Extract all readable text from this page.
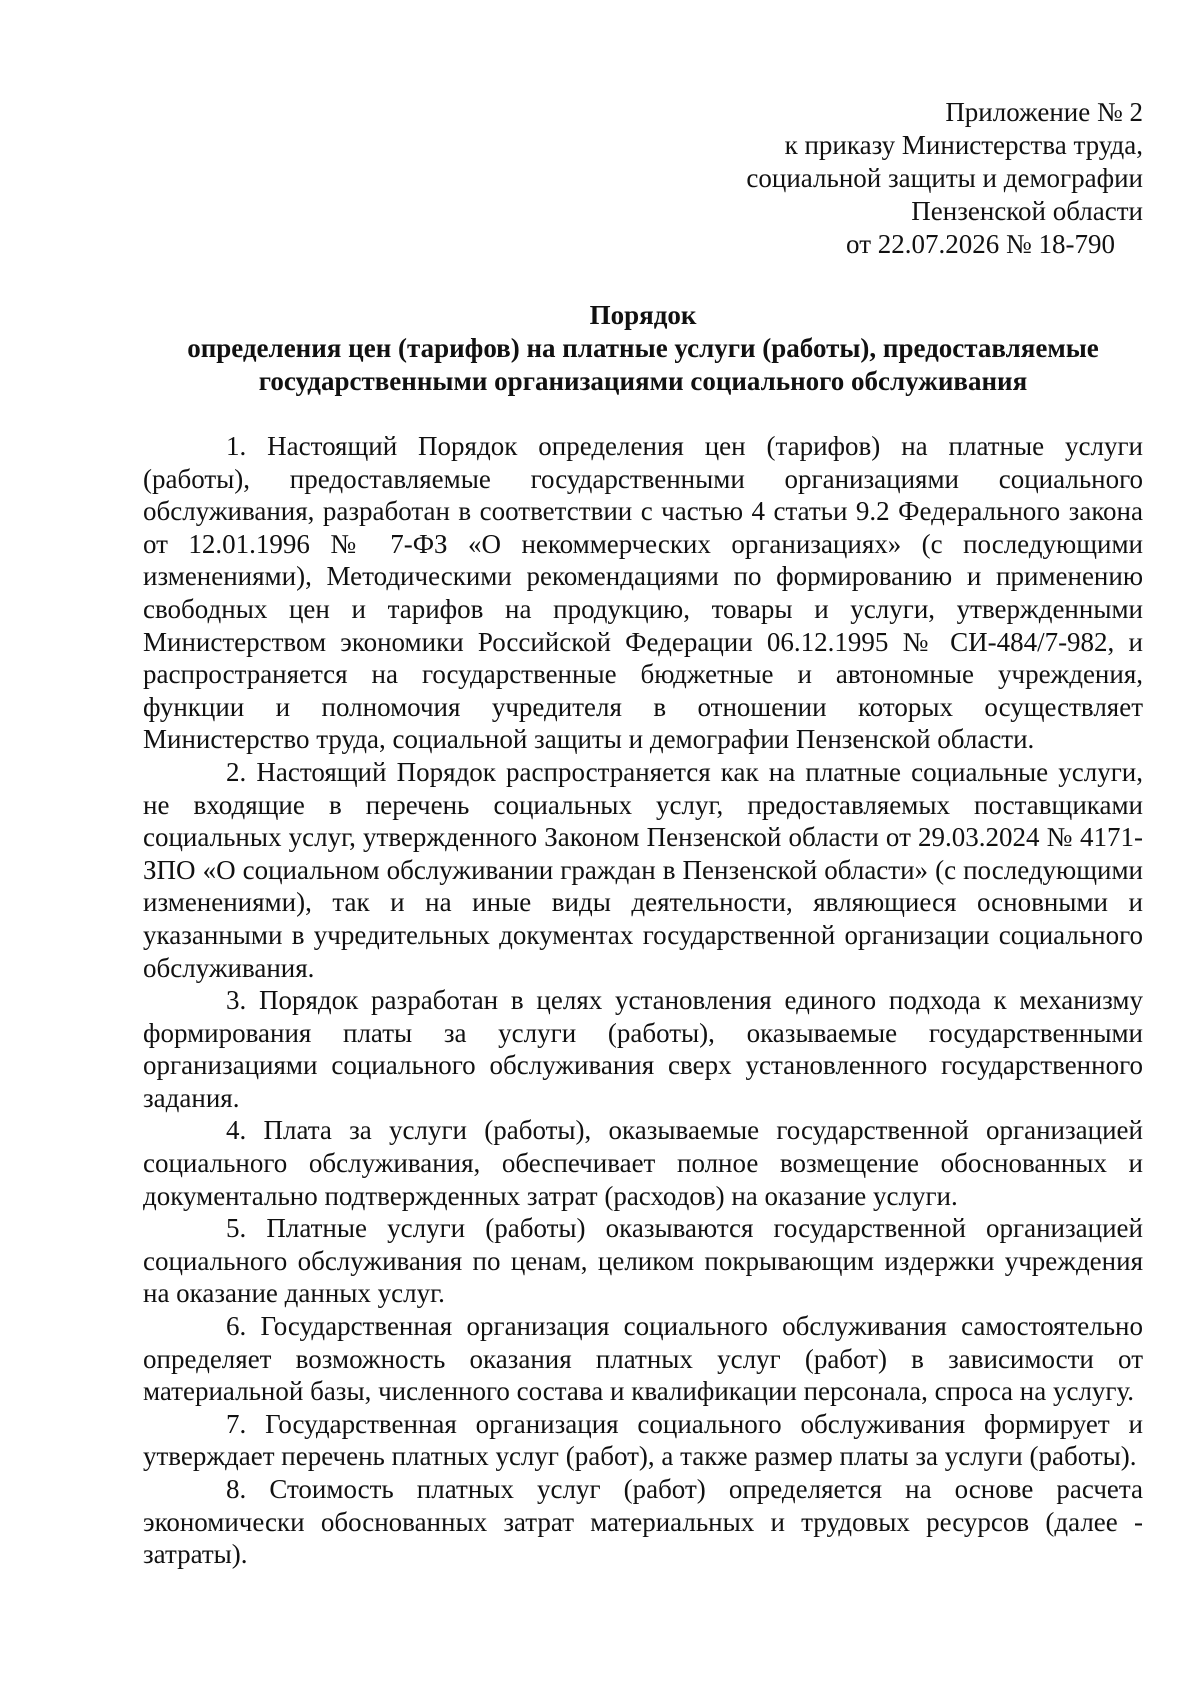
Приложение № 2
к приказу Министерства труда,
социальной защиты и демографии
Пензенской области
от 22.07.2026 № 18-790
Порядок
определения цен (тарифов) на платные услуги (работы), предоставляемые
государственными организациями социального обслуживания

1. Настоящий Порядок определения цен (тарифов) на платные услуги (работы), предоставляемые государственными организациями социального обслуживания, разработан в соответствии с частью 4 статьи 9.2 Федерального закона от 12.01.1996 № 7-ФЗ «О некоммерческих организациях» (с последующими изменениями), Методическими рекомендациями по формированию и применению свободных цен и тарифов на продукцию, товары и услуги, утвержденными Министерством экономики Российской Федерации 06.12.1995 № СИ-484/7-982, и распространяется на государственные бюджетные и автономные учреждения, функции и полномочия учредителя в отношении которых осуществляет Министерство труда, социальной защиты и демографии Пензенской области.

2. Настоящий Порядок распространяется как на платные социальные услуги, не входящие в перечень социальных услуг, предоставляемых поставщиками социальных услуг, утвержденного Законом Пензенской области от 29.03.2024 № 4171-ЗПО «О социальном обслуживании граждан в Пензенской области» (с последующими изменениями), так и на иные виды деятельности, являющиеся основными и указанными в учредительных документах государственной организации социального обслуживания.

3. Порядок разработан в целях установления единого подхода к механизму формирования платы за услуги (работы), оказываемые государственными организациями социального обслуживания сверх установленного государственного задания.

4. Плата за услуги (работы), оказываемые государственной организацией социального обслуживания, обеспечивает полное возмещение обоснованных и документально подтвержденных затрат (расходов) на оказание услуги.

5. Платные услуги (работы) оказываются государственной организацией социального обслуживания по ценам, целиком покрывающим издержки учреждения на оказание данных услуг.

6. Государственная организация социального обслуживания самостоятельно определяет возможность оказания платных услуг (работ) в зависимости от материальной базы, численного состава и квалификации персонала, спроса на услугу.

7. Государственная организация социального обслуживания формирует и утверждает перечень платных услуг (работ), а также размер платы за услуги (работы).

8. Стоимость платных услуг (работ) определяется на основе расчета экономически обоснованных затрат материальных и трудовых ресурсов (далее - затраты).
